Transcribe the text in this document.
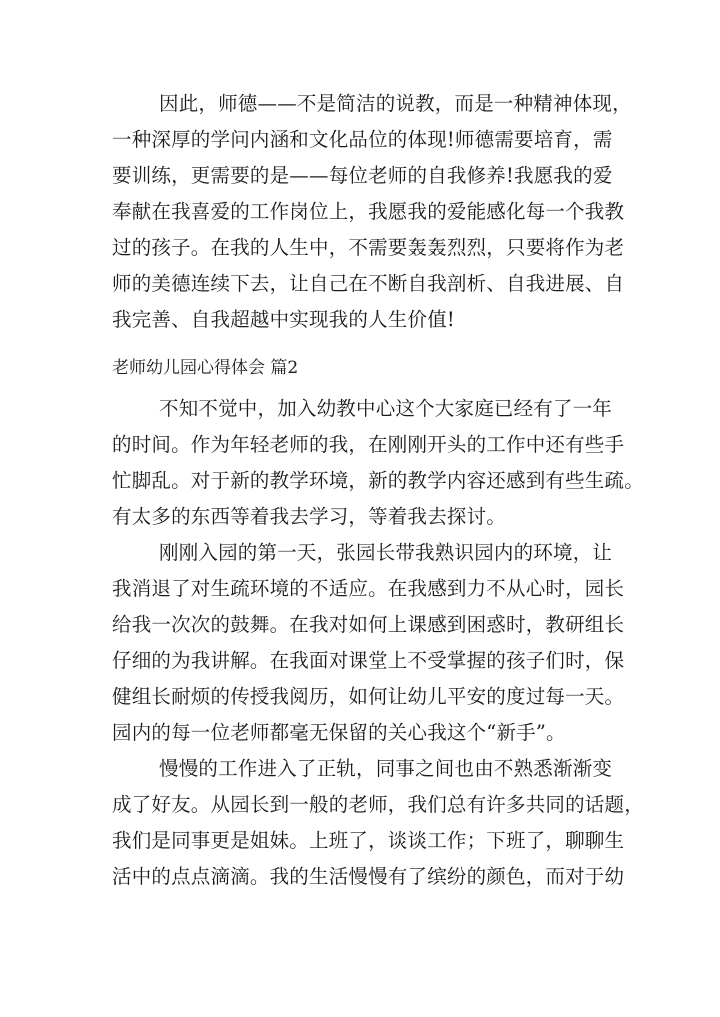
因此，师德——不是简洁的说教，而是一种精神体现，
一种深厚的学问内涵和文化品位的体现!师德需要培育，需
要训练，更需要的是——每位老师的自我修养!我愿我的爱
奉献在我喜爱的工作岗位上，我愿我的爱能感化每一个我教
过的孩子。在我的人生中，不需要轰轰烈烈，只要将作为老
师的美德连续下去，让自己在不断自我剖析、自我进展、自
我完善、自我超越中实现我的人生价值!
老师幼儿园心得体会 篇2
不知不觉中，加入幼教中心这个大家庭已经有了一年
的时间。作为年轻老师的我，在刚刚开头的工作中还有些手
忙脚乱。对于新的教学环境，新的教学内容还感到有些生疏。
有太多的东西等着我去学习，等着我去探讨。
刚刚入园的第一天，张园长带我熟识园内的环境，让
我消退了对生疏环境的不适应。在我感到力不从心时，园长
给我一次次的鼓舞。在我对如何上课感到困惑时，教研组长
仔细的为我讲解。在我面对课堂上不受掌握的孩子们时，保
健组长耐烦的传授我阅历，如何让幼儿平安的度过每一天。
园内的每一位老师都毫无保留的关心我这个“新手”。
慢慢的工作进入了正轨，同事之间也由不熟悉渐渐变
成了好友。从园长到一般的老师，我们总有许多共同的话题，
我们是同事更是姐妹。上班了，谈谈工作；下班了，聊聊生
活中的点点滴滴。我的生活慢慢有了缤纷的颜色，而对于幼
